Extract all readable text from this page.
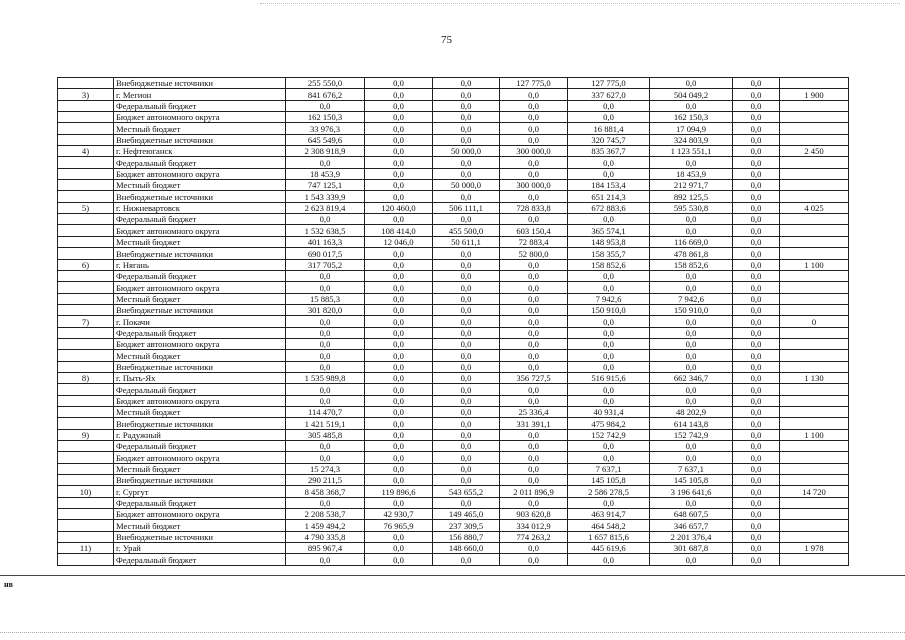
75
	Внебюджетные источники	255 550,0	0,0	0,0	127 775,0	127 775,0	0,0	0,0	
3)	г. Мегион	841 676,2	0,0	0,0	0,0	337 627,0	504 049,2	0,0	1 900
	Федеральный бюджет	0,0	0,0	0,0	0,0	0,0	0,0	0,0	
	Бюджет автономного округа	162 150,3	0,0	0,0	0,0	0,0	162 150,3	0,0	
	Местный бюджет	33 976,3	0,0	0,0	0,0	16 881,4	17 094,9	0,0	
	Внебюджетные источники	645 549,6	0,0	0,0	0,0	320 745,7	324 803,9	0,0	
4)	г. Нефтеюганск	2 308 918,9	0,0	50 000,0	300 000,0	835 367,7	1 123 551,1	0,0	2 450
	Федеральный бюджет	0,0	0,0	0,0	0,0	0,0	0,0	0,0	
	Бюджет автономного округа	18 453,9	0,0	0,0	0,0	0,0	18 453,9	0,0	
	Местный бюджет	747 125,1	0,0	50 000,0	300 000,0	184 153,4	212 971,7	0,0	
	Внебюджетные источники	1 543 339,9	0,0	0,0	0,0	651 214,3	892 125,5	0,0	
5)	г. Нижневартовск	2 623 819,4	120 460,0	506 111,1	728 833,8	672 883,6	595 530,8	0,0	4 025
	Федеральный бюджет	0,0	0,0	0,0	0,0	0,0	0,0	0,0	
	Бюджет автономного округа	1 532 638,5	108 414,0	455 500,0	603 150,4	365 574,1	0,0	0,0	
	Местный бюджет	401 163,3	12 046,0	50 611,1	72 883,4	148 953,8	116 669,0	0,0	
	Внебюджетные источники	690 017,5	0,0	0,0	52 800,0	158 355,7	478 861,8	0,0	
6)	г. Нягань	317 705,2	0,0	0,0	0,0	158 852,6	158 852,6	0,0	1 100
	Федеральный бюджет	0,0	0,0	0,0	0,0	0,0	0,0	0,0	
	Бюджет автономного округа	0,0	0,0	0,0	0,0	0,0	0,0	0,0	
	Местный бюджет	15 885,3	0,0	0,0	0,0	7 942,6	7 942,6	0,0	
	Внебюджетные источники	301 820,0	0,0	0,0	0,0	150 910,0	150 910,0	0,0	
7)	г. Покачи	0,0	0,0	0,0	0,0	0,0	0,0	0,0	0
	Федеральный бюджет	0,0	0,0	0,0	0,0	0,0	0,0	0,0	
	Бюджет автономного округа	0,0	0,0	0,0	0,0	0,0	0,0	0,0	
	Местный бюджет	0,0	0,0	0,0	0,0	0,0	0,0	0,0	
	Внебюджетные источники	0,0	0,0	0,0	0,0	0,0	0,0	0,0	
8)	г. Пыть-Ях	1 535 989,8	0,0	0,0	356 727,5	516 915,6	662 346,7	0,0	1 130
	Федеральный бюджет	0,0	0,0	0,0	0,0	0,0	0,0	0,0	
	Бюджет автономного округа	0,0	0,0	0,0	0,0	0,0	0,0	0,0	
	Местный бюджет	114 470,7	0,0	0,0	25 336,4	40 931,4	48 202,9	0,0	
	Внебюджетные источники	1 421 519,1	0,0	0,0	331 391,1	475 984,2	614 143,8	0,0	
9)	г. Радужный	305 485,8	0,0	0,0	0,0	152 742,9	152 742,9	0,0	1 100
	Федеральный бюджет	0,0	0,0	0,0	0,0	0,0	0,0	0,0	
	Бюджет автономного округа	0,0	0,0	0,0	0,0	0,0	0,0	0,0	
	Местный бюджет	15 274,3	0,0	0,0	0,0	7 637,1	7 637,1	0,0	
	Внебюджетные источники	290 211,5	0,0	0,0	0,0	145 105,8	145 105,8	0,0	
10)	г. Сургут	8 458 368,7	119 896,6	543 655,2	2 011 896,9	2 586 278,5	3 196 641,6	0,0	14 720
	Федеральный бюджет	0,0	0,0	0,0	0,0	0,0	0,0	0,0	
	Бюджет автономного округа	2 208 538,7	42 930,7	149 465,0	903 620,8	463 914,7	648 607,5	0,0	
	Местный бюджет	1 459 494,2	76 965,9	237 309,5	334 012,9	464 548,2	346 657,7	0,0	
	Внебюджетные источники	4 790 335,8	0,0	156 880,7	774 263,2	1 657 815,6	2 201 376,4	0,0	
11)	г. Урай	895 967,4	0,0	148 660,0	0,0	445 619,6	301 687,8	0,0	1 978
	Федеральный бюджет	0,0	0,0	0,0	0,0	0,0	0,0	0,0	
нв
